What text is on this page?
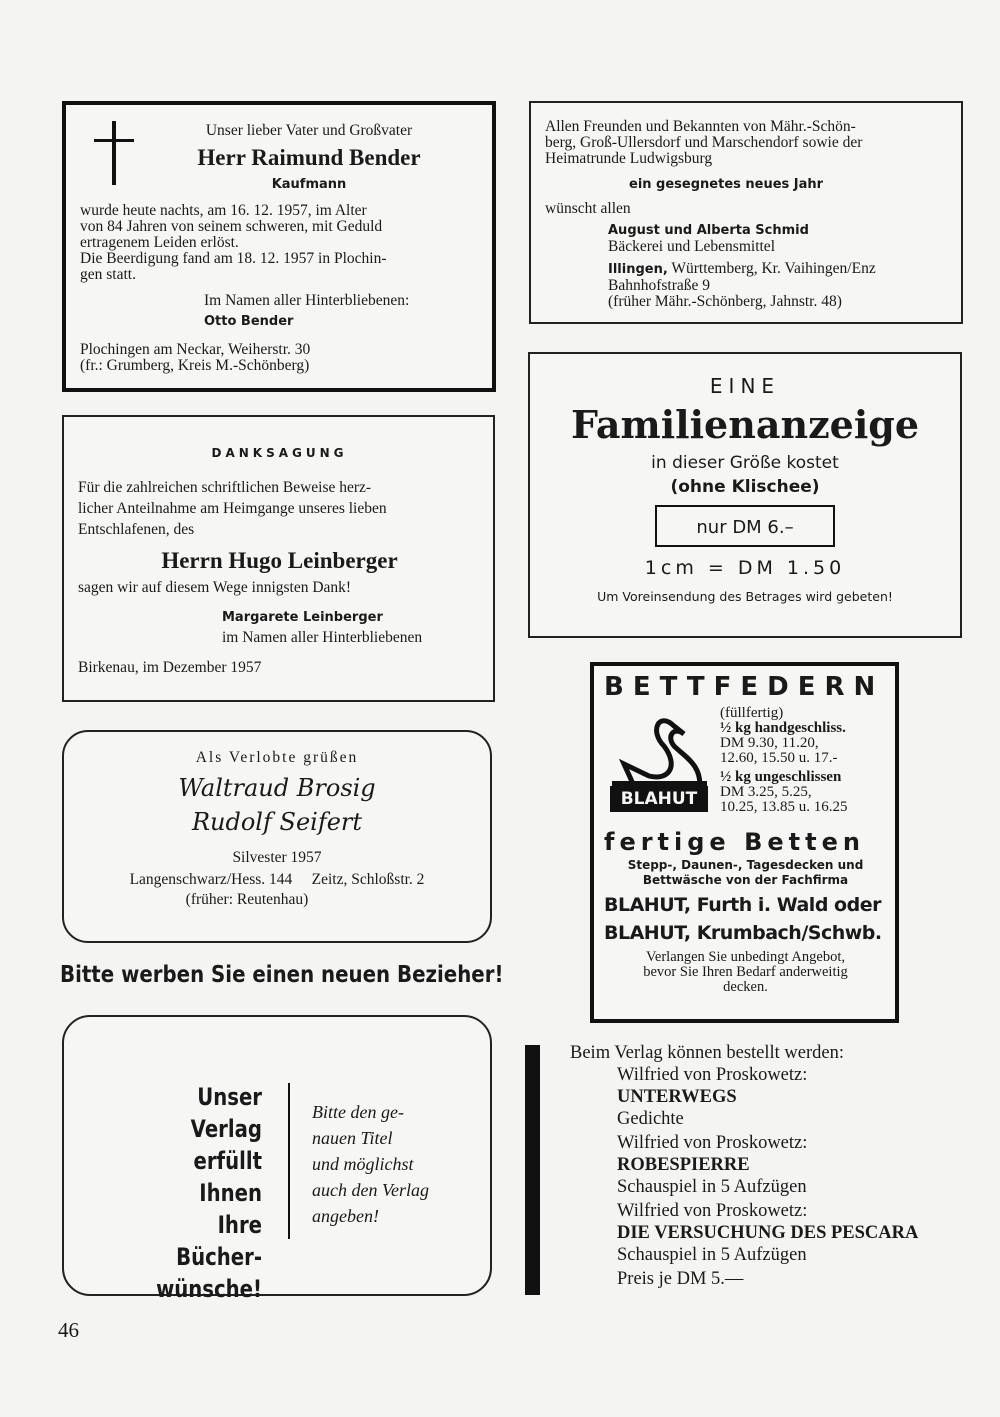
Unser lieber Vater und Großvater

Herr Raimund Bender

Kaufmann

wurde heute nachts, am 16. 12. 1957, im Alter

von 84 Jahren von seinem schweren, mit Geduld

ertragenem Leiden erlöst.

Die Beerdigung fand am 18. 12. 1957 in Plochin-

gen statt.

Im Namen aller Hinterbliebenen:

Otto Bender

Plochingen am Neckar, Weiherstr. 30

(fr.: Grumberg, Kreis M.-Schönberg)

Allen Freunden und Bekannten von Mähr.-Schön-

berg, Groß-Ullersdorf und Marschendorf sowie der

Heimatrunde Ludwigsburg

ein gesegnetes neues Jahr

wünscht allen

August und Alberta Schmid

Bäckerei und Lebensmittel

Illingen, Württemberg, Kr. Vaihingen/Enz

Bahnhofstraße 9

(früher Mähr.-Schönberg, Jahnstr. 48)

DANKSAGUNG

Für die zahlreichen schriftlichen Beweise herz-

licher Anteilnahme am Heimgange unseres lieben

Entschlafenen, des

Herrn Hugo Leinberger

sagen wir auf diesem Wege innigsten Dank!

Margarete Leinberger

im Namen aller Hinterbliebenen

Birkenau, im Dezember 1957

EINE

Familienanzeige

in dieser Größe kostet

(ohne Klischee)

nur DM 6.–

1cm = DM 1.50

Um Voreinsendung des Betrages wird gebeten!

BETTFEDERN

BLAHUT

(füllfertig)

½ kg handgeschliss.

DM 9.30, 11.20,

12.60, 15.50 u. 17.-

½ kg ungeschlissen

DM 3.25, 5.25,

10.25, 13.85 u. 16.25

fertige Betten

Stepp-, Daunen-, Tagesdecken und

Bettwäsche von der Fachfirma

BLAHUT, Furth i. Wald oder

BLAHUT, Krumbach/Schwb.

Verlangen Sie unbedingt Angebot,

bevor Sie Ihren Bedarf anderweitig

decken.

Als Verlobte grüßen

Waltraud Brosig

Rudolf Seifert

Silvester 1957

Langenschwarz/Hess. 144 Zeitz, Schloßstr. 2

(früher: Reutenhau)

Bitte werben Sie einen neuen Bezieher!
Unser Verlag
erfüllt Ihnen
Ihre
Bücher-
wünsche!
Bitte den ge-
nauen Titel
und möglichst
auch den Verlag
angeben!
Beim Verlag können bestellt werden:
Wilfried von Proskowetz:
UNTERWEGS
Gedichte
Wilfried von Proskowetz:
ROBESPIERRE
Schauspiel in 5 Aufzügen
Wilfried von Proskowetz:
DIE VERSUCHUNG DES PESCARA
Schauspiel in 5 Aufzügen
Preis je DM 5.—
46
